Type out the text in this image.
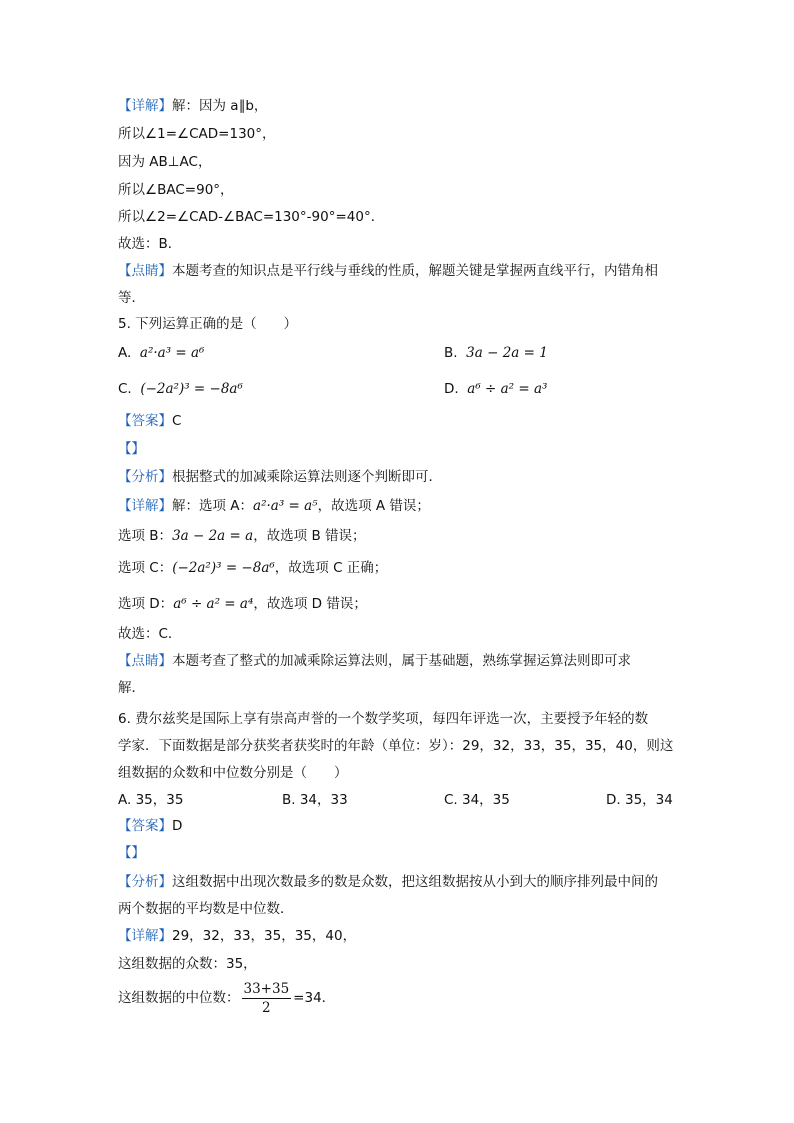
【详解】解：因为 a∥b，
所以∠1=∠CAD=130°，
因为 AB⊥AC，
所以∠BAC=90°，
所以∠2=∠CAD-∠BAC=130°-90°=40°．
故选：B．
【点睛】本题考查的知识点是平行线与垂线的性质，解题关键是掌握两直线平行，内错角相
等．
5. 下列运算正确的是（　　）
A. a²·a³ = a⁶	B. 3a − 2a = 1
C. (−2a²)³ = −8a⁶	D. a⁶ ÷ a² = a³
【答案】C
【】
【分析】根据整式的加减乘除运算法则逐个判断即可．
【详解】解：选项 A：a²·a³ = a⁵，故选项 A 错误；
选项 B：3a − 2a = a，故选项 B 错误；
选项 C：(−2a²)³ = −8a⁶，故选项 C 正确；
选项 D：a⁶ ÷ a² = a⁴，故选项 D 错误；
故选：C．
【点睛】本题考查了整式的加减乘除运算法则，属于基础题，熟练掌握运算法则即可求
解．
6. 费尔兹奖是国际上享有崇高声誉的一个数学奖项，每四年评选一次，主要授予年轻的数
学家．下面数据是部分获奖者获奖时的年龄（单位：岁）：29，32，33，35，35，40，则这
组数据的众数和中位数分别是（　　）
A. 35，35	B. 34，33	C. 34，35	D. 35，34
【答案】D
【】
【分析】这组数据中出现次数最多的数是众数，把这组数据按从小到大的顺序排列最中间的
两个数据的平均数是中位数．
【详解】29，32，33，35，35，40，
这组数据的众数：35，
这组数据的中位数： $\frac{33+35}{2} =34$．
